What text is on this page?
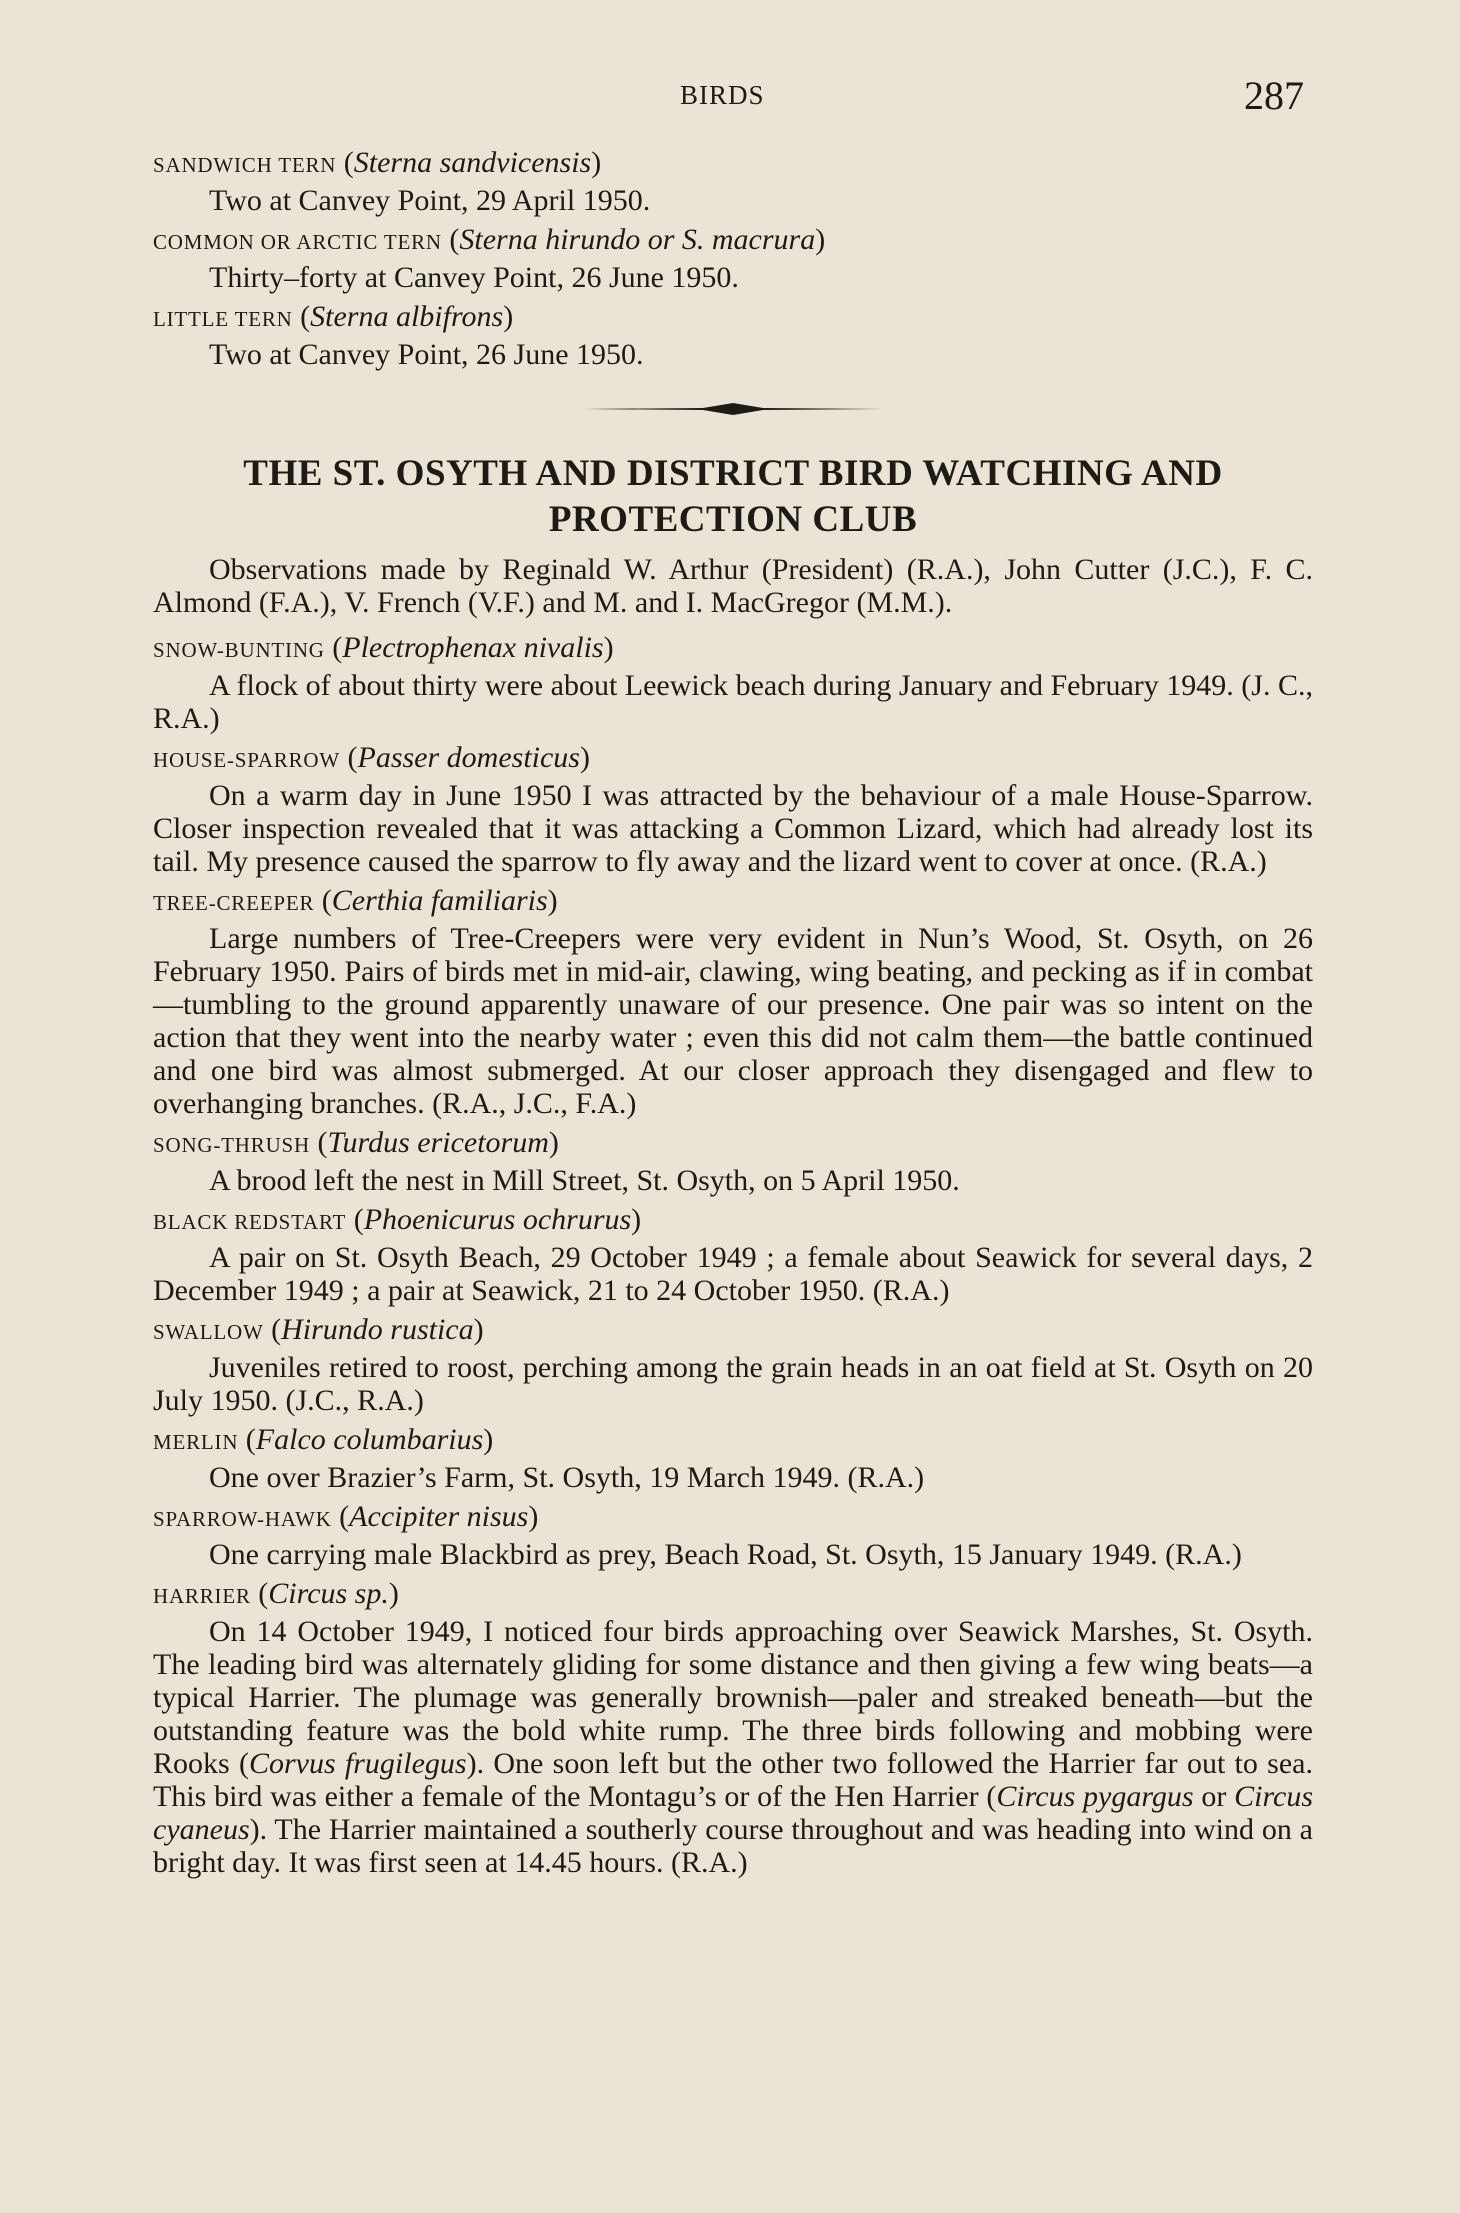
BIRDS	287
SANDWICH TERN (Sterna sandvicensis)

Two at Canvey Point, 29 April 1950.

COMMON OR ARCTIC TERN (Sterna hirundo or S. macrura)

Thirty–forty at Canvey Point, 26 June 1950.

LITTLE TERN (Sterna albifrons)

Two at Canvey Point, 26 June 1950.

THE ST. OSYTH AND DISTRICT BIRD WATCHING AND
PROTECTION CLUB

Observations made by Reginald W. Arthur (President) (R.A.), John Cutter (J.C.), F. C. Almond (F.A.), V. French (V.F.) and M. and I. MacGregor (M.M.).

SNOW-BUNTING (Plectrophenax nivalis)

A flock of about thirty were about Leewick beach during January and February 1949. (J. C., R.A.)

HOUSE-SPARROW (Passer domesticus)

On a warm day in June 1950 I was attracted by the behaviour of a male House-Sparrow. Closer inspection revealed that it was attacking a Common Lizard, which had already lost its tail. My presence caused the sparrow to fly away and the lizard went to cover at once. (R.A.)

TREE-CREEPER (Certhia familiaris)

Large numbers of Tree-Creepers were very evident in Nun’s Wood, St. Osyth, on 26 February 1950. Pairs of birds met in mid-air, clawing, wing beating, and pecking as if in combat—tumbling to the ground apparently unaware of our presence. One pair was so intent on the action that they went into the nearby water ; even this did not calm them—the battle continued and one bird was almost submerged. At our closer approach they disengaged and flew to overhanging branches. (R.A., J.C., F.A.)

SONG-THRUSH (Turdus ericetorum)

A brood left the nest in Mill Street, St. Osyth, on 5 April 1950.

BLACK REDSTART (Phoenicurus ochrurus)

A pair on St. Osyth Beach, 29 October 1949 ; a female about Seawick for several days, 2 December 1949 ; a pair at Seawick, 21 to 24 October 1950. (R.A.)

SWALLOW (Hirundo rustica)

Juveniles retired to roost, perching among the grain heads in an oat field at St. Osyth on 20 July 1950. (J.C., R.A.)

MERLIN (Falco columbarius)

One over Brazier’s Farm, St. Osyth, 19 March 1949. (R.A.)

SPARROW-HAWK (Accipiter nisus)

One carrying male Blackbird as prey, Beach Road, St. Osyth, 15 January 1949. (R.A.)

HARRIER (Circus sp.)

On 14 October 1949, I noticed four birds approaching over Seawick Marshes, St. Osyth. The leading bird was alternately gliding for some distance and then giving a few wing beats—a typical Harrier. The plumage was generally brownish—paler and streaked beneath—but the outstanding feature was the bold white rump. The three birds following and mobbing were Rooks (Corvus frugilegus). One soon left but the other two followed the Harrier far out to sea. This bird was either a female of the Montagu’s or of the Hen Harrier (Circus pygargus or Circus cyaneus). The Harrier maintained a southerly course throughout and was heading into wind on a bright day. It was first seen at 14.45 hours. (R.A.)
